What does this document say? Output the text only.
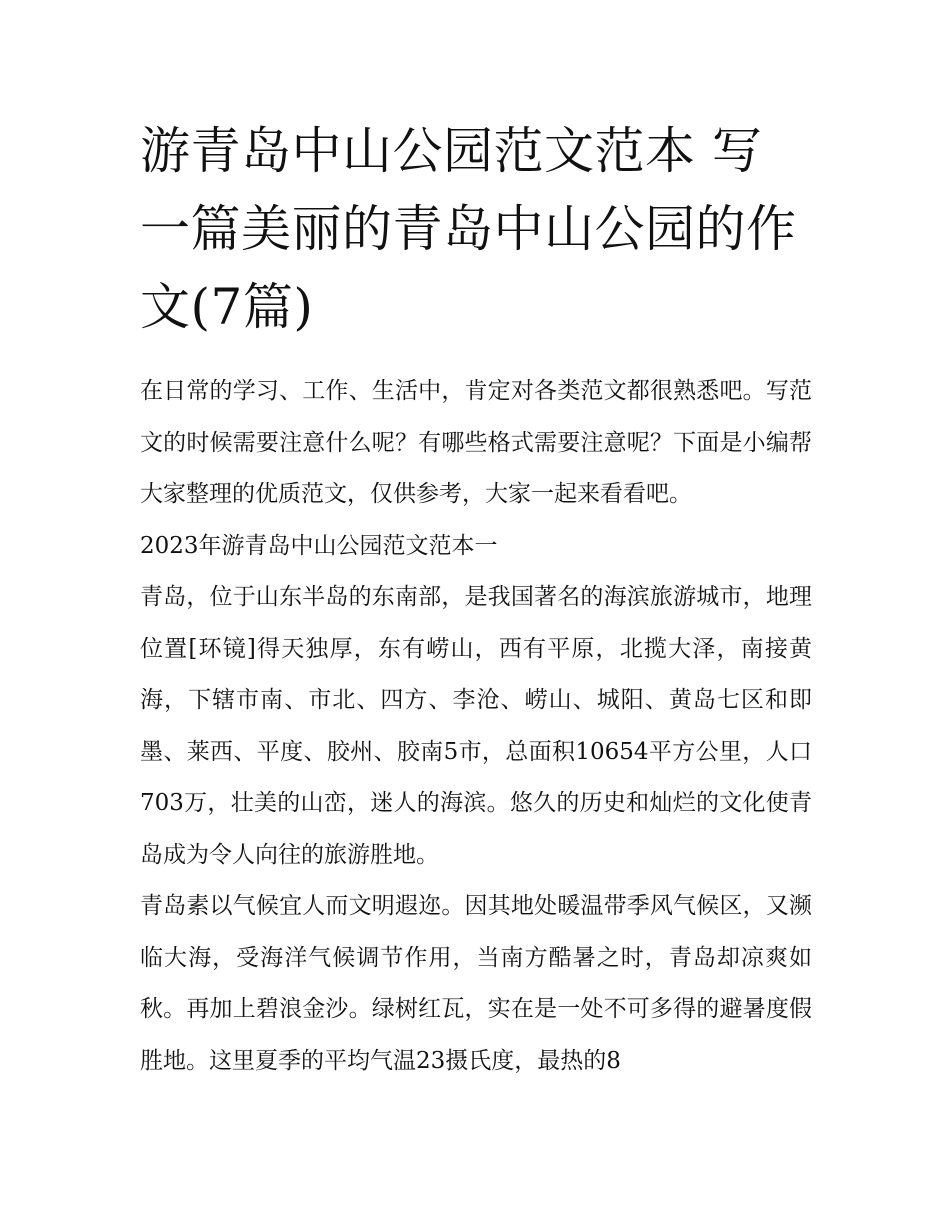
游青岛中山公园范文范本 写一篇美丽的青岛中山公园的作文(7篇)

在日常的学习、工作、生活中，肯定对各类范文都很熟悉吧。写范文的时候需要注意什么呢？有哪些格式需要注意呢？下面是小编帮大家整理的优质范文，仅供参考，大家一起来看看吧。

2023年游青岛中山公园范文范本一

青岛，位于山东半岛的东南部，是我国著名的海滨旅游城市，地理位置[环镜]得天独厚，东有崂山，西有平原，北揽大泽，南接黄海，下辖市南、市北、四方、李沧、崂山、城阳、黄岛七区和即墨、莱西、平度、胶州、胶南5市，总面积10654平方公里，人口703万，壮美的山峦，迷人的海滨。悠久的历史和灿烂的文化使青岛成为令人向往的旅游胜地。

青岛素以气候宜人而文明遐迩。因其地处暖温带季风气候区，又濒临大海，受海洋气候调节作用，当南方酷暑之时，青岛却凉爽如秋。再加上碧浪金沙。绿树红瓦，实在是一处不可多得的避暑度假胜地。这里夏季的平均气温23摄氏度，最热的8
